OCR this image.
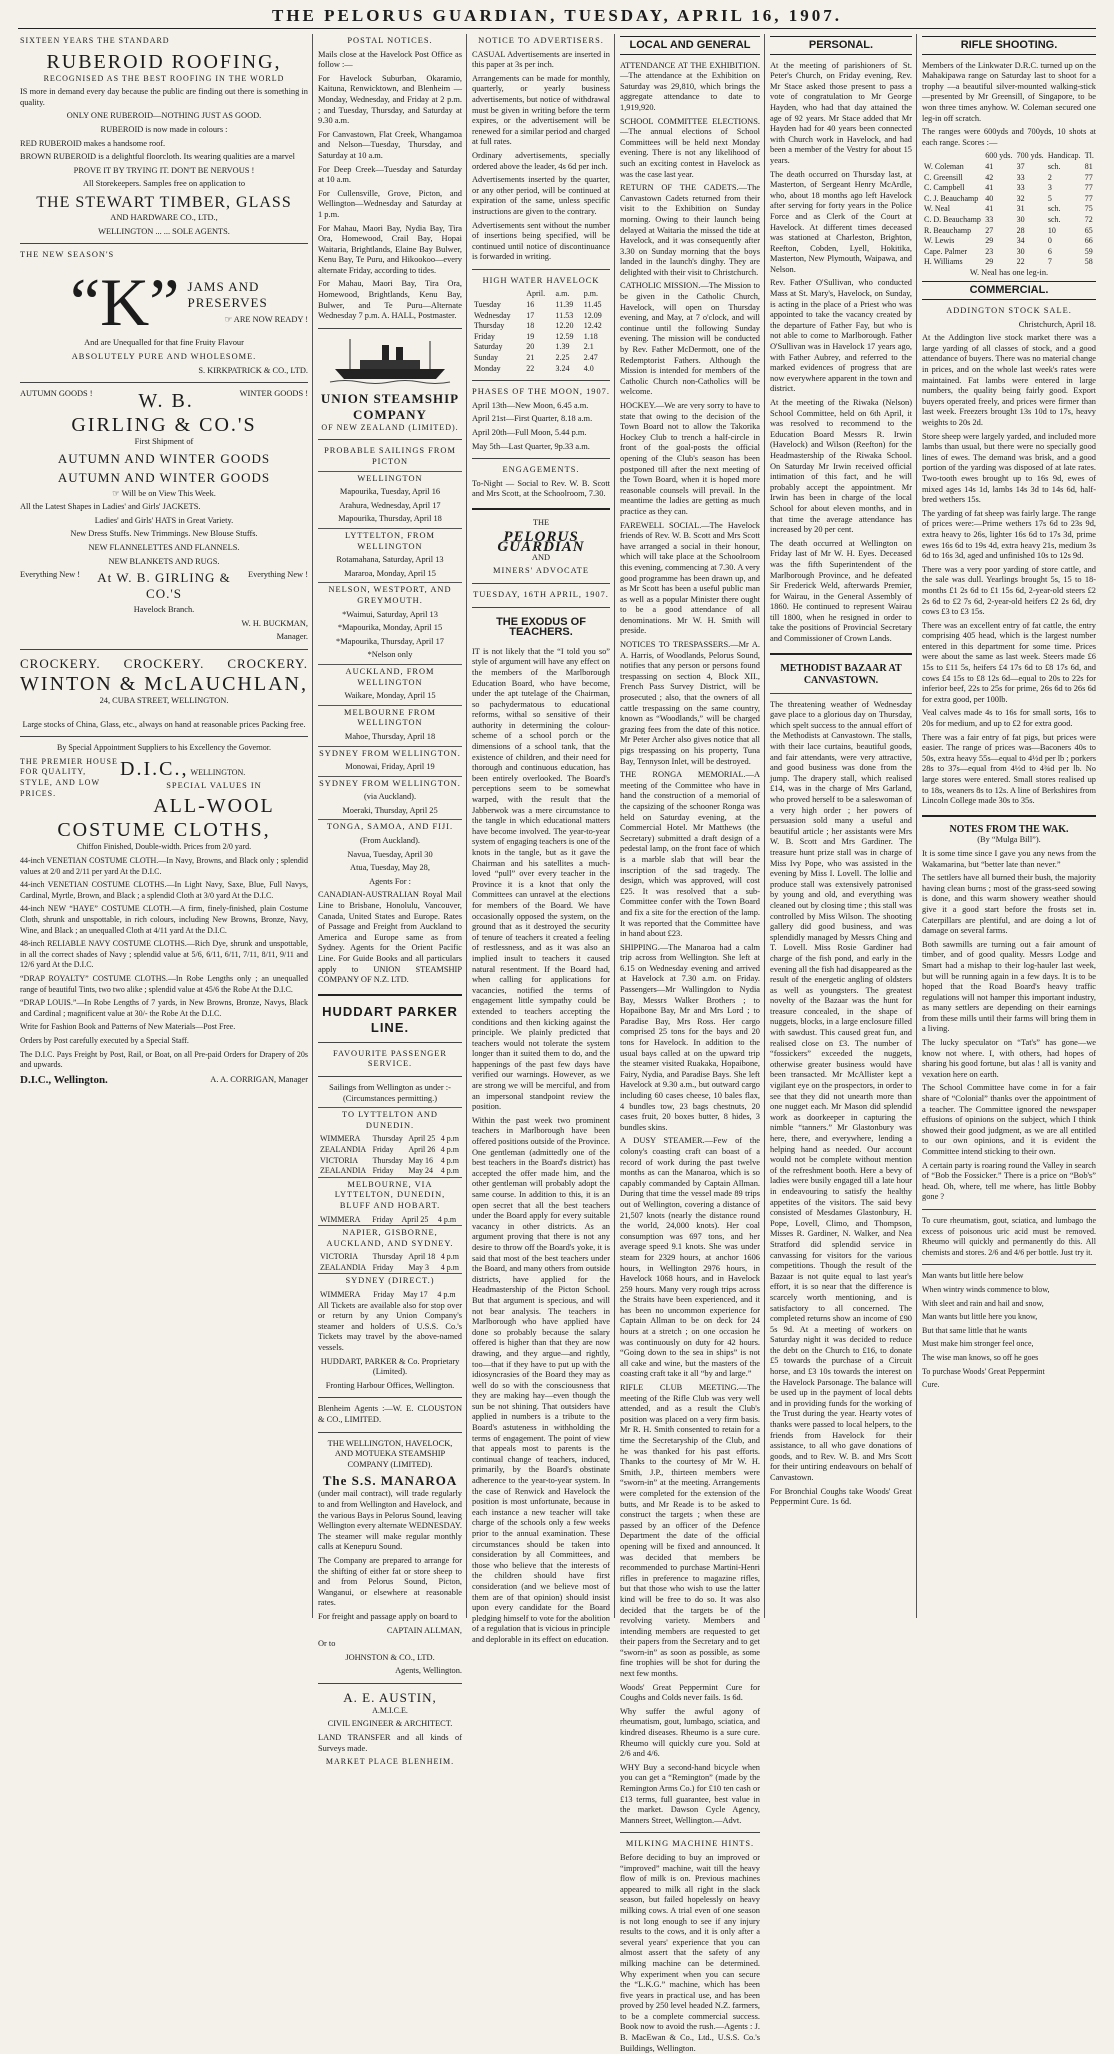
THE PELORUS GUARDIAN, TUESDAY, APRIL 16, 1907.

SIXTEEN YEARS THE STANDARD

RUBEROID ROOFING,

RECOGNISED AS THE BEST ROOFING IN THE WORLD

IS more in demand every day because the public are finding out there is something in quality.

ONLY ONE RUBEROID—NOTHING JUST AS GOOD.

RUBEROID is now made in colours :

RED RUBEROID makes a handsome roof.

BROWN RUBEROID is a delightful floorcloth. Its wearing qualities are a marvel

PROVE IT BY TRYING IT. DON'T BE NERVOUS !

All Storekeepers. Samples free on application to

THE STEWART TIMBER, GLASS

AND HARDWARE CO., LTD.,

WELLINGTON ... ... SOLE AGENTS.

THE NEW SEASON'S

“K” JAMS AND
PRESERVES

☞ ARE NOW READY !

And are Unequalled for that fine Fruity Flavour

ABSOLUTELY PURE AND WHOLESOME.

S. KIRKPATRICK & CO., LTD.

AUTUMN GOODS !	WINTER GOODS !
W. B. GIRLING & CO.'S

First Shipment of

AUTUMN AND WINTER GOODS

AUTUMN AND WINTER GOODS

☞ Will be on View This Week.

All the Latest Shapes in Ladies' and Girls' JACKETS.

Ladies' and Girls' HATS in Great Variety.

New Dress Stuffs. New Trimmings. New Blouse Stuffs.

NEW FLANNELETTES AND FLANNELS.

NEW BLANKETS AND RUGS.

Everything New !	Everything New !

At W. B. GIRLING & CO.'S

Havelock Branch.

W. H. BUCKMAN,

Manager.

CROCKERY. CROCKERY. CROCKERY.
WINTON & McLAUCHLAN,

24, CUBA STREET, WELLINGTON.

Large stocks of China, Glass, etc., always on hand at reasonable prices Packing free.

By Special Appointment Suppliers to his Excellency the Governor.

THE PREMIER HOUSE FOR QUALITY, STYLE, AND LOW PRICES.
D.I.C., WELLINGTON.

SPECIAL VALUES IN

ALL-WOOL COSTUME CLOTHS,

Chiffon Finished, Double-width. Prices from 2/0 yard.

44-inch VENETIAN COSTUME CLOTH.—In Navy, Browns, and Black only ; splendid values at 2/0 and 2/11 per yard At the D.I.C.

44-inch VENETIAN COSTUME CLOTHS.—In Light Navy, Saxe, Blue, Full Navys, Cardinal, Myrtle, Brown, and Black ; a splendid Cloth at 3/0 yard At the D.I.C.

44-inch NEW “HAYE” COSTUME CLOTH.—A firm, finely-finished, plain Costume Cloth, shrunk and unspottable, in rich colours, including New Browns, Bronze, Navy, Wine, and Black ; an unequalled Cloth at 4/11 yard At the D.I.C.

48-inch RELIABLE NAVY COSTUME CLOTHS.—Rich Dye, shrunk and unspottable, in all the correct shades of Navy ; splendid value at 5/6, 6/11, 6/11, 7/11, 8/11, 9/11 and 12/6 yard At the D.I.C.

“DRAP ROYALTY” COSTUME CLOTHS.—In Robe Lengths only ; an unequalled range of beautiful Tints, two two alike ; splendid value at 45/6 the Robe At the D.I.C.

“DRAP LOUIS.”—In Robe Lengths of 7 yards, in New Browns, Bronze, Navys, Black and Cardinal ; magnificent value at 30/- the Robe At the D.I.C.

Write for Fashion Book and Patterns of New Materials—Post Free.

Orders by Post carefully executed by a Special Staff.

The D.I.C. Pays Freight by Post, Rail, or Boat, on all Pre-paid Orders for Drapery of 20s and upwards.

D.I.C., Wellington.	A. A. CORRIGAN, Manager

POSTAL NOTICES.

Mails close at the Havelock Post Office as follow :—

For Havelock Suburban, Okaramio, Kaituna, Renwicktown, and Blenheim —Monday, Wednesday, and Friday at 2 p.m. ; and Tuesday, Thursday, and Saturday at 9.30 a.m.

For Canvastown, Flat Creek, Whangamoa and Nelson—Tuesday, Thursday, and Saturday at 10 a.m.

For Deep Creek—Tuesday and Saturday at 10 a.m.

For Cullensville, Grove, Picton, and Wellington—Wednesday and Saturday at 1 p.m.

For Mahau, Maori Bay, Nydia Bay, Tira Ora, Homewood, Crail Bay, Hopai Waitaria, Brightlands, Elaine Bay Bulwer, Kenu Bay, Te Puru, and Hikookoo—every alternate Friday, according to tides.

For Mahau, Maori Bay, Tira Ora, Homewood, Brightlands, Kenu Bay, Bulwer, and Te Puru—Alternate Wednesday 7 p.m. A. HALL, Postmaster.

UNION STEAMSHIP COMPANY

OF NEW ZEALAND (LIMITED).

PROBABLE SAILINGS FROM PICTON

WELLINGTON

Mapourika, Tuesday, April 16

Arahura, Wednesday, April 17

Mapourika, Thursday, April 18

LYTTELTON, FROM WELLINGTON

Rotamahana, Saturday, April 13

Mararoa, Monday, April 15

NELSON, WESTPORT, AND GREYMOUTH.

*Waimui, Saturday, April 13

*Mapourika, Monday, April 15

*Mapourika, Thursday, April 17

*Nelson only

AUCKLAND, FROM WELLINGTON

Waikare, Monday, April 15

MELBOURNE FROM WELLINGTON

Mahoe, Thursday, April 18

SYDNEY FROM WELLINGTON.

Monowai, Friday, April 19

SYDNEY FROM WELLINGTON.

(via Auckland).

Moeraki, Thursday, April 25

TONGA, SAMOA, AND FIJI.

(From Auckland).

Navua, Tuesday, April 30

Atua, Tuesday, May 28,

Agents For :

CANADIAN-AUSTRALIAN Royal Mail Line to Brisbane, Honolulu, Vancouver, Canada, United States and Europe. Rates of Passage and Freight from Auckland to America and Europe same as from Sydney. Agents for the Orient Pacific Line. For Guide Books and all particulars apply to UNION STEAMSHIP COMPANY OF N.Z. LTD.

HUDDART PARKER LINE.

FAVOURITE PASSENGER SERVICE.

Sailings from Wellington as under :- (Circumstances permitting.)

TO LYTTELTON AND DUNEDIN.

WIMMERA	Thursday	April 25	4 p.m
ZEALANDIA	Friday	April 26	4 p.m
VICTORIA	Thursday	May 16	4 p.m
ZEALANDIA	Friday	May 24	4 p.m

MELBOURNE, VIA LYTTELTON, DUNEDIN, BLUFF AND HOBART.

WIMMERA	Friday	April 25	4 p.m

NAPIER, GISBORNE, AUCKLAND, AND SYDNEY.

VICTORIA	Thursday	April 18	4 p.m
ZEALANDIA	Friday	May 3	4 p.m

SYDNEY (DIRECT.)

WIMMERA	Friday	May 17	4 p.m

All Tickets are available also for stop over or return by any Union Company's steamer and holders of U.S.S. Co.'s Tickets may travel by the above-named vessels.

HUDDART, PARKER & Co. Proprietary (Limited).

Fronting Harbour Offices, Wellington.

Blenheim Agents :—W. E. CLOUSTON & CO., LIMITED.

THE WELLINGTON, HAVELOCK, AND MOTUEKA STEAMSHIP COMPANY (LIMITED).

The S.S. MANAROA

(under mail contract), will trade regularly to and from Wellington and Havelock, and the various Bays in Pelorus Sound, leaving Wellington every alternate WEDNESDAY. The steamer will make regular monthly calls at Kenepuru Sound.

The Company are prepared to arrange for the shifting of either fat or store sheep to and from Pelorus Sound, Picton, Wanganui, or elsewhere at reasonable rates.

For freight and passage apply on board to

CAPTAIN ALLMAN,

Or to

JOHNSTON & CO., LTD.

Agents, Wellington.

A. E. AUSTIN,

A.M.I.C.E.

CIVIL ENGINEER & ARCHITECT.

LAND TRANSFER and all kinds of Surveys made.

MARKET PLACE BLENHEIM.

NOTICE TO ADVERTISERS.

CASUAL Advertisements are inserted in this paper at 3s per inch.

Arrangements can be made for monthly, quarterly, or yearly business advertisements, but notice of withdrawal must be given in writing before the term expires, or the advertisement will be renewed for a similar period and charged at full rates.

Ordinary advertisements, specially ordered above the leader, 4s 6d per inch.

Advertisements inserted by the quarter, or any other period, will be continued at expiration of the same, unless specific instructions are given to the contrary.

Advertisements sent without the number of insertions being specified, will be continued until notice of discontinuance is forwarded in writing.

HIGH WATER HAVELOCK

	April.	a.m.	p.m.
Tuesday	16	11.39	11.45
Wednesday	17	11.53	12.09
Thursday	18	12.20	12.42
Friday	19	12.59	1.18
Saturday	20	1.39	2.1
Sunday	21	2.25	2.47
Monday	22	3.24	4.0

PHASES OF THE MOON, 1907.

April 13th—New Moon, 6.45 a.m.

April 21st—First Quarter, 8.18 a.m.

April 20th—Full Moon, 5.44 p.m.

May 5th—Last Quarter, 9p.33 a.m.

ENGAGEMENTS.

To-Night — Social to Rev. W. B. Scott and Mrs Scott, at the Schoolroom, 7.30.

THE

PELORUS GUARDIAN

AND

MINERS' ADVOCATE

TUESDAY, 16TH APRIL, 1907.

THE EXODUS OF TEACHERS.

IT is not likely that the “I told you so” style of argument will have any effect on the members of the Marlborough Education Board, who have become, under the apt tutelage of the Chairman, so pachydermatous to educational reforms, withal so sensitive of their authority in determining the colour-scheme of a school porch or the dimensions of a school tank, that the existence of children, and their need for thorough and continuous education, has been entirely overlooked. The Board's perceptions seem to be somewhat warped, with the result that the Jabberwok was a mere circumstance to the tangle in which educational matters have become involved. The year-to-year system of engaging teachers is one of the knots in the tangle, but as it gave the Chairman and his satellites a much-loved “pull” over every teacher in the Province it is a knot that only the Committees can unravel at the elections for members of the Board. We have occasionally opposed the system, on the ground that as it destroyed the security of tenure of teachers it created a feeling of restlessness, and as it was also an implied insult to teachers it caused natural resentment. If the Board had, when calling for applications for vacancies, notified the terms of engagement little sympathy could be extended to teachers accepting the conditions and then kicking against the principle. We plainly predicted that teachers would not tolerate the system longer than it suited them to do, and the happenings of the past few days have verified our warnings. However, as we are strong we will be merciful, and from an impersonal standpoint review the position.

Within the past week two prominent teachers in Marlborough have been offered positions outside of the Province. One gentleman (admittedly one of the best teachers in the Board's district) has accepted the offer made him, and the other gentleman will probably adopt the same course. In addition to this, it is an open secret that all the best teachers under the Board apply for every suitable vacancy in other districts. As an argument proving that there is not any desire to throw off the Board's yoke, it is said that most of the best teachers under the Board, and many others from outside districts, have applied for the Headmastership of the Picton School. But that argument is specious, and will not bear analysis. The teachers in Marlborough who have applied have done so probably because the salary offered is higher than that they are now drawing, and they argue—and rightly, too—that if they have to put up with the idiosyncrasies of the Board they may as well do so with the consciousness that they are making hay—even though the sun be not shining. That outsiders have applied in numbers is a tribute to the Board's astuteness in withholding the terms of engagement. The point of view that appeals most to parents is the continual change of teachers, induced, primarily, by the Board's obstinate adherence to the year-to-year system. In the case of Renwick and Havelock the position is most unfortunate, because in each instance a new teacher will take charge of the schools only a few weeks prior to the annual examination. These circumstances should be taken into consideration by all Committees, and those who believe that the interests of the children should have first consideration (and we believe most of them are of that opinion) should insist upon every candidate for the Board pledging himself to vote for the abolition of a regulation that is vicious in principle and deplorable in its effect on education.

LOCAL AND GENERAL

ATTENDANCE AT THE EXHIBITION.—The attendance at the Exhibition on Saturday was 29,810, which brings the aggregate attendance to date to 1,919,920.

SCHOOL COMMITTEE ELECTIONS.—The annual elections of School Committees will be held next Monday evening. There is not any likelihood of such an exciting contest in Havelock as was the case last year.

RETURN OF THE CADETS.—The Canvastown Cadets returned from their visit to the Exhibition on Sunday morning. Owing to their launch being delayed at Waitaria the missed the tide at Havelock, and it was consequently after 3.30 on Sunday morning that the boys landed in the launch's dinghy. They are delighted with their visit to Christchurch.

CATHOLIC MISSION.—The Mission to be given in the Catholic Church, Havelock, will open on Thursday evening, and May, at 7 o'clock, and will continue until the following Sunday evening. The mission will be conducted by Rev. Father McDermott, one of the Redemptorist Fathers. Although the Mission is intended for members of the Catholic Church non-Catholics will be welcome.

HOCKEY.—We are very sorry to have to state that owing to the decision of the Town Board not to allow the Takorika Hockey Club to trench a half-circle in front of the goal-posts the official opening of the Club's season has been postponed till after the next meeting of the Town Board, when it is hoped more reasonable counsels will prevail. In the meantime the ladies are getting as much practice as they can.

FAREWELL SOCIAL.—The Havelock friends of Rev. W. B. Scott and Mrs Scott have arranged a social in their honour, which will take place at the Schoolroom this evening, commencing at 7.30. A very good programme has been drawn up, and as Mr Scott has been a useful public man as well as a popular Minister there ought to be a good attendance of all denominations. Mr W. H. Smith will preside.

NOTICES TO TRESPASSERS.—Mr A. A. Harris, of Woodlands, Pelorus Sound, notifies that any person or persons found trespassing on section 4, Block XII., French Pass Survey District, will be prosecuted ; also, that the owners of all cattle trespassing on the same country, known as “Woodlands,” will be charged grazing fees from the date of this notice. Mr Peter Archer also gives notice that all pigs trespassing on his property, Tuna Bay, Tennyson Inlet, will be destroyed.

THE RONGA MEMORIAL.—A meeting of the Committee who have in hand the construction of a memorial of the capsizing of the schooner Ronga was held on Saturday evening, at the Commercial Hotel. Mr Matthews (the Secretary) submitted a draft design of a pedestal lamp, on the front face of which is a marble slab that will bear the inscription of the sad tragedy. The design, which was approved, will cost £25. It was resolved that a sub-Committee confer with the Town Board and fix a site for the erection of the lamp. It was reported that the Committee have in hand about £23.

SHIPPING.—The Manaroa had a calm trip across from Wellington. She left at 6.15 on Wednesday evening and arrived at Havelock at 7.30 a.m. on Friday. Passengers—Mr Wallingdon to Nydia Bay, Messrs Walker Brothers ; to Hopaibone Bay, Mr and Mrs Lord ; to Paradise Bay, Mrs Ross. Her cargo comprised 25 tons for the bays and 20 tons for Havelock. In addition to the usual bays called at on the upward trip the steamer visited Ruakaka, Hopaibone, Fairy, Nydia, and Paradise Bays. She left Havelock at 9.30 a.m., but outward cargo including 60 cases cheese, 10 bales flax, 4 bundles tow, 23 bags chestnuts, 20 cases fruit, 20 boxes butter, 8 hides, 3 bundles skins.

A DUSY STEAMER.—Few of the colony's coasting craft can boast of a record of work during the past twelve months as can the Manaroa, which is so capably commanded by Captain Allman. During that time the vessel made 89 trips out of Wellington, covering a distance of 21,507 knots (nearly the distance round the world, 24,000 knots). Her coal consumption was 697 tons, and her average speed 9.1 knots. She was under steam for 2329 hours, at anchor 1606 hours, in Wellington 2976 hours, in Havelock 1068 hours, and in Havelock 259 hours. Many very rough trips across the Straits have been experienced, and it has been no uncommon experience for Captain Allman to be on deck for 24 hours at a stretch ; on one occasion he was continuously on duty for 42 hours. “Going down to the sea in ships” is not all cake and wine, but the masters of the coasting craft take it all “by and large.”

RIFLE CLUB MEETING.—The meeting of the Rifle Club was very well attended, and as a result the Club's position was placed on a very firm basis. Mr R. H. Smith consented to retain for a time the Secretaryship of the Club, and he was thanked for his past efforts. Thanks to the courtesy of Mr W. H. Smith, J.P., thirteen members were “sworn-in” at the meeting. Arrangements were completed for the extension of the butts, and Mr Reade is to be asked to construct the targets ; when these are passed by an officer of the Defence Department the date of the official opening will be fixed and announced. It was decided that members be recommended to purchase Martini-Henri rifles in preference to magazine rifles, but that those who wish to use the latter kind will be free to do so. It was also decided that the targets be of the revolving variety. Members and intending members are requested to get their papers from the Secretary and to get “sworn-in” as soon as possible, as some fine trophies will be shot for during the next few months.

Woods' Great Peppermint Cure for Coughs and Colds never fails. 1s 6d.

Why suffer the awful agony of rheumatism, gout, lumbago, sciatica, and kindred diseases. Rheumo is a sure cure. Rheumo will quickly cure you. Sold at 2/6 and 4/6.

WHY Buy a second-hand bicycle when you can get a “Remington” (made by the Remington Arms Co.) for £10 ten cash or £13 terms, full guarantee, best value in the market. Dawson Cycle Agency, Manners Street, Wellington.—Advt.

MILKING MACHINE HINTS.

Before deciding to buy an improved or “improved” machine, wait till the heavy flow of milk is on. Previous machines appeared to milk all right in the slack season, but failed hopelessly on heavy milking cows. A trial even of one season is not long enough to see if any injury results to the cows, and it is only after a several years' experience that you can almost assert that the safety of any milking machine can be determined. Why experiment when you can secure the “L.K.G.” machine, which has been five years in practical use, and has been proved by 250 level headed N.Z. farmers, to be a complete commercial success. Book now to avoid the rush.—Agents : J. B. MacEwan & Co., Ltd., U.S.S. Co.'s Buildings, Wellington.

PERSONAL.

At the meeting of parishioners of St. Peter's Church, on Friday evening, Rev. Mr Stace asked those present to pass a vote of congratulation to Mr George Hayden, who had that day attained the age of 92 years. Mr Stace added that Mr Hayden had for 40 years been connected with Church work in Havelock, and had been a member of the Vestry for about 15 years.

The death occurred on Thursday last, at Masterton, of Sergeant Henry McArdle, who, about 18 months ago left Havelock after serving for forty years in the Police Force and as Clerk of the Court at Havelock. At different times deceased was stationed at Charleston, Brighton, Reefton, Cobden, Lyell, Hokitika, Masterton, New Plymouth, Waipawa, and Nelson.

Rev. Father O'Sullivan, who conducted Mass at St. Mary's, Havelock, on Sunday, is acting in the place of a Priest who was appointed to take the vacancy created by the departure of Father Fay, but who is not able to come to Marlborough. Father O'Sullivan was in Havelock 17 years ago, with Father Aubrey, and referred to the marked evidences of progress that are now everywhere apparent in the town and district.

At the meeting of the Riwaka (Nelson) School Committee, held on 6th April, it was resolved to recommend to the Education Board Messrs R. Irwin (Havelock) and Wilson (Reefton) for the Headmastership of the Riwaka School. On Saturday Mr Irwin received official intimation of this fact, and he will probably accept the appointment. Mr Irwin has been in charge of the local School for about eleven months, and in that time the average attendance has increased by 20 per cent.

The death occurred at Wellington on Friday last of Mr W. H. Eyes. Deceased was the fifth Superintendent of the Marlborough Province, and he defeated Sir Frederick Weld, afterwards Premier, for Wairau, in the General Assembly of 1860. He continued to represent Wairau till 1800, when he resigned in order to take the positions of Provincial Secretary and Commissioner of Crown Lands.

METHODIST BAZAAR AT CANVASTOWN.

The threatening weather of Wednesday gave place to a glorious day on Thursday, which spelt success to the annual effort of the Methodists at Canvastown. The stalls, with their lace curtains, beautiful goods, and fair attendants, were very attractive, and good business was done from the jump. The drapery stall, which realised £14, was in the charge of Mrs Garland, who proved herself to be a saleswoman of a very high order ; her powers of persuasion sold many a useful and beautiful article ; her assistants were Mrs W. B. Scott and Mrs Gardiner. The treasure hunt prize stall was in charge of Miss Ivy Pope, who was assisted in the evening by Miss I. Lovell. The lollie and produce stall was extensively patronised by young and old, and everything was cleaned out by closing time ; this stall was controlled by Miss Wilson. The shooting gallery did good business, and was splendidly managed by Messrs Ching and T. Lovell. Miss Rosie Gardiner had charge of the fish pond, and early in the evening all the fish had disappeared as the result of the energetic angling of oldsters as well as youngsters. The greatest novelty of the Bazaar was the hunt for treasure concealed, in the shape of nuggets, blocks, in a large enclosure filled with sawdust. This caused great fun, and realised close on £3. The number of “fossickers” exceeded the nuggets, otherwise greater business would have been transacted. Mr McAllister kept a vigilant eye on the prospectors, in order to see that they did not unearth more than one nugget each. Mr Mason did splendid work as doorkeeper in capturing the nimble “tanners.” Mr Glastonbury was here, there, and everywhere, lending a helping hand as needed. Our account would not be complete without mention of the refreshment booth. Here a bevy of ladies were busily engaged till a late hour in endeavouring to satisfy the healthy appetites of the visitors. The said bevy consisted of Mesdames Glastonbury, H. Pope, Lovell, Climo, and Thompson, Misses R. Gardiner, N. Walker, and Nea Stratford did splendid service in canvassing for visitors for the various competitions. Though the result of the Bazaar is not quite equal to last year's effort, it is so near that the difference is scarcely worth mentioning, and is satisfactory to all concerned. The completed returns show an income of £90 5s 9d. At a meeting of workers on Saturday night it was decided to reduce the debt on the Church to £16, to donate £5 towards the purchase of a Circuit horse, and £3 10s towards the interest on the Havelock Parsonage. The balance will be used up in the payment of local debts and in providing funds for the working of the Trust during the year. Hearty votes of thanks were passed to local helpers, to the friends from Havelock for their assistance, to all who gave donations of goods, and to Rev. W. B. and Mrs Scott for their untiring endeavours on behalf of Canvastown.

For Bronchial Coughs take Woods' Great Peppermint Cure. 1s 6d.

RIFLE SHOOTING.

Members of the Linkwater D.R.C. turned up on the Mahakipawa range on Saturday last to shoot for a trophy —a beautiful silver-mounted walking-stick—presented by Mr Greensill, of Singapore, to be won three times anyhow. W. Coleman secured one leg-in off scratch.

The ranges were 600yds and 700yds, 10 shots at each range. Scores :—

	600 yds.	700 yds.	Handicap.	Tl.
W. Coleman	41	37	sch.	81
C. Greensill	42	33	2	77
C. Campbell	41	33	3	77
C. J. Beauchamp	40	32	5	77
W. Neal	41	31	sch.	75
C. D. Beauchamp	33	30	sch.	72
R. Beauchamp	27	28	10	65
W. Lewis	29	34	0	66
Cape. Palmer	23	30	6	59
H. Williams	29	22	7	58

W. Neal has one leg-in.

COMMERCIAL.

ADDINGTON STOCK SALE.

Christchurch, April 18.

At the Addington live stock market there was a large yarding of all classes of stock, and a good attendance of buyers. There was no material change in prices, and on the whole last week's rates were maintained. Fat lambs were entered in large numbers, the quality being fairly good. Export buyers operated freely, and prices were firmer than last week. Freezers brought 13s 10d to 17s, heavy weights to 20s 2d.

Store sheep were largely yarded, and included more lambs than usual, but there were no specially good lines of ewes. The demand was brisk, and a good portion of the yarding was disposed of at late rates. Two-tooth ewes brought up to 16s 9d, ewes of mixed ages 14s 1d, lambs 14s 3d to 14s 6d, half-bred wethers 15s.

The yarding of fat sheep was fairly large. The range of prices were:—Prime wethers 17s 6d to 23s 9d, extra heavy to 26s, lighter 16s 6d to 17s 3d, prime ewes 16s 6d to 19s 4d, extra heavy 21s, medium 3s 6d to 16s 3d, aged and unfinished 10s to 12s 9d.

There was a very poor yarding of store cattle, and the sale was dull. Yearlings brought 5s, 15 to 18-months £1 2s 6d to £1 15s 6d, 2-year-old steers £2 2s 6d to £2 7s 6d, 2-year-old heifers £2 2s 6d, dry cows £3 to £3 15s.

There was an excellent entry of fat cattle, the entry comprising 405 head, which is the largest number entered in this department for some time. Prices were about the same as last week. Steers made £6 15s to £11 5s, heifers £4 17s 6d to £8 17s 6d, and cows £4 15s to £8 12s 6d—equal to 20s to 22s for inferior beef, 22s to 25s for prime, 26s 6d to 26s 6d for extra good, per 100lb.

Veal calves made 4s to 16s for small sorts, 16s to 20s for medium, and up to £2 for extra good.

There was a fair entry of fat pigs, but prices were easier. The range of prices was—Baconers 40s to 50s, extra heavy 55s—equal to 4½d per lb ; porkers 28s to 37s—equal from 4½d to 4¾d per lb. No large stores were entered. Small stores realised up to 18s, weaners 8s to 12s. A line of Berkshires from Lincoln College made 30s to 35s.

NOTES FROM THE WAK.

(By “Mulga Bill”).

It is some time since I gave you any news from the Wakamarina, but “better late than never.”

The settlers have all burned their bush, the majority having clean burns ; most of the grass-seed sowing is done, and this warm showery weather should give it a good start before the frosts set in. Caterpillars are plentiful, and are doing a lot of damage on several farms.

Both sawmills are turning out a fair amount of timber, and of good quality. Messrs Lodge and Smart had a mishap to their log-hauler last week, but will be running again in a few days. It is to be hoped that the Road Board's heavy traffic regulations will not hamper this important industry, as many settlers are depending on their earnings from these mills until their farms will bring them in a living.

The lucky speculator on “Tat's” has gone—we know not where. I, with others, had hopes of sharing his good fortune, but alas ! all is vanity and vexation here on earth.

The School Committee have come in for a fair share of “Colonial” thanks over the appointment of a teacher. The Committee ignored the newspaper effusions of opinions on the subject, which I think showed their good judgment, as we are all entitled to our own opinions, and it is evident the Committee intend sticking to their own.

A certain party is roaring round the Valley in search of “Bob the Fossicker.” There is a price on “Bob's” head. Oh, where, tell me where, has little Bobby gone ?

To cure rheumatism, gout, sciatica, and lumbago the excess of poisonous uric acid must be removed. Rheumo will quickly and permanently do this. All chemists and stores. 2/6 and 4/6 per bottle. Just try it.

Man wants but little here below

When wintry winds commence to blow,

With sleet and rain and hail and snow,

Man wants but little here you know,

But that same little that he wants

Must make him stronger feel once,

The wise man knows, so off he goes

To purchase Woods' Great Peppermint

Cure.
